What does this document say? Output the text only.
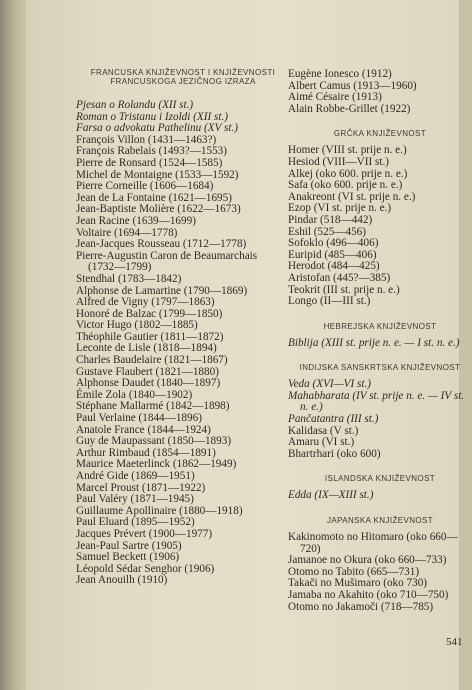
FRANCUSKA KNJIŽEVNOST I KNJIŽEVNOSTI FRANCUSKOGA JEZIČNOG IZRAZA

Pjesan o Rolandu (XII st.)

Roman o Tristanu i Izoldi (XII st.)

Farsa o advokatu Pathelinu (XV st.)

François Villon (1431—1463?)

François Rabelais (1493?—1553)

Pierre de Ronsard (1524—1585)

Michel de Montaigne (1533—1592)

Pierre Corneille (1606—1684)

Jean de La Fontaine (1621—1695)

Jean-Baptiste Molière (1622—1673)

Jean Racine (1639—1699)

Voltaire (1694—1778)

Jean-Jacques Rousseau (1712—1778)

Pierre-Augustin Caron de Beaumarchais (1732—1799)

Stendhal (1783—1842)

Alphonse de Lamartine (1790—1869)

Alfred de Vigny (1797—1863)

Honoré de Balzac (1799—1850)

Victor Hugo (1802—1885)

Théophile Gautier (1811—1872)

Leconte de Lisle (1818—1894)

Charles Baudelaire (1821—1867)

Gustave Flaubert (1821—1880)

Alphonse Daudet (1840—1897)

Émile Zola (1840—1902)

Stéphane Mallarmé (1842—1898)

Paul Verlaine (1844—1896)

Anatole France (1844—1924)

Guy de Maupassant (1850—1893)

Arthur Rimbaud (1854—1891)

Maurice Maeterlinck (1862—1949)

André Gide (1869—1951)

Marcel Proust (1871—1922)

Paul Valéry (1871—1945)

Guillaume Apollinaire (1880—1918)

Paul Eluard (1895—1952)

Jacques Prévert (1900—1977)

Jean-Paul Sartre (1905)

Samuel Beckett (1906)

Léopold Sédar Senghor (1906)

Jean Anouilh (1910)

Eugène Ionesco (1912)

Albert Camus (1913—1960)

Aimé Césaire (1913)

Alain Robbe-Grillet (1922)

GRČKA KNJIŽEVNOST

Homer (VIII st. prije n. e.)

Hesiod (VIII—VII st.)

Alkej (oko 600. prije n. e.)

Safa (oko 600. prije n. e.)

Anakreont (VI st. prije n. e.)

Ezop (VI st. prije n. e.)

Pindar (518—442)

Eshil (525—456)

Sofoklo (496—406)

Euripid (485—406)

Herodot (484—425)

Aristofan (445?—385)

Teokrit (III st. prije n. e.)

Longo (II—III st.)

HEBREJSKA KNJIŽEVNOST

Biblija (XIII st. prije n. e. — I st. n. e.)

INDIJSKA SANSKRTSKA KNJIŽEVNOST

Veda (XVI—VI st.)

Mahabharata (IV st. prije n. e. — IV st. n. e.)

Pančatantra (III st.)

Kalidasa (V st.)

Amaru (VI st.)

Bhartrhari (oko 600)

ISLANDSKA KNJIŽEVNOST

Edda (IX—XIII st.)

JAPANSKA KNJIŽEVNOST

Kakinomoto no Hitomaro (oko 660—720)

Jamanoe no Okura (oko 660—733)

Otomo no Tabito (665—731)

Takači no Mušimaro (oko 730)

Jamaba no Akahito (oko 710—750)

Otomo no Jakamoči (718—785)

541
